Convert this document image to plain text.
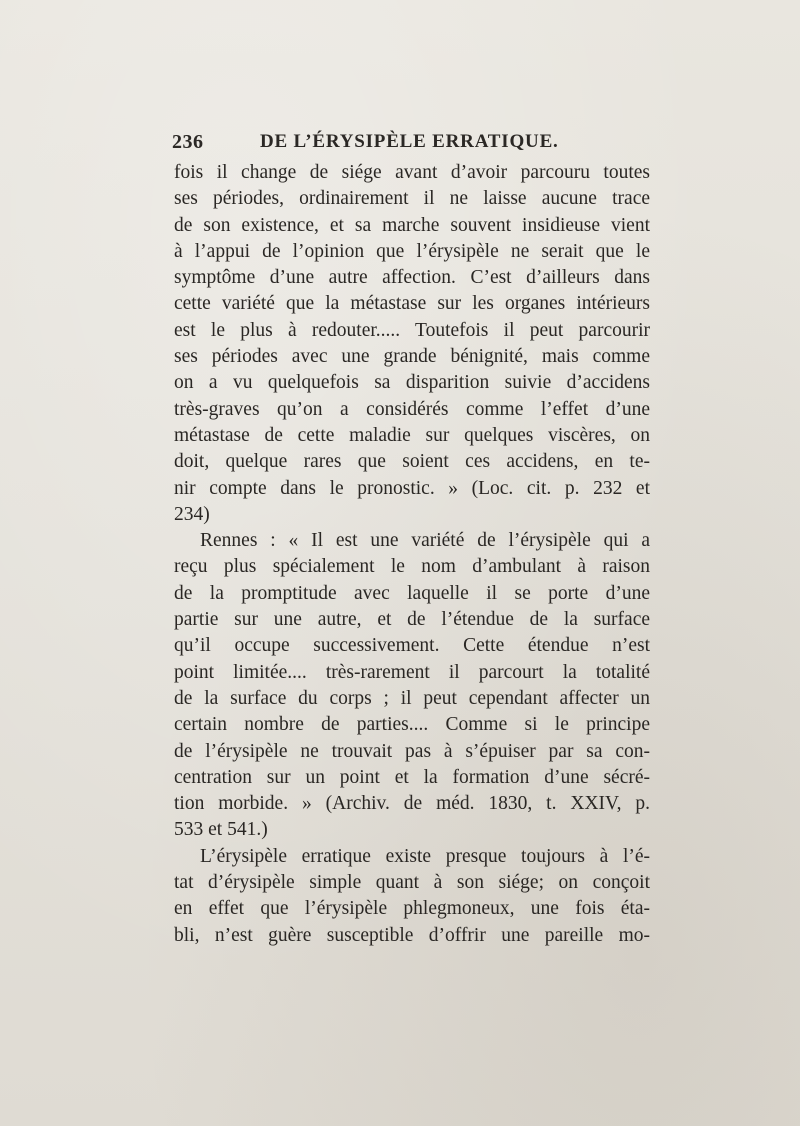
236	DE L’ÉRYSIPÈLE ERRATIQUE.
fois il change de siége avant d’avoir parcouru toutes
ses périodes, ordinairement il ne laisse aucune trace
de son existence, et sa marche souvent insidieuse vient
à l’appui de l’opinion que l’érysipèle ne serait que le
symptôme d’une autre affection. C’est d’ailleurs dans
cette variété que la métastase sur les organes intérieurs
est le plus à redouter..... Toutefois il peut parcourir
ses périodes avec une grande bénignité, mais comme
on a vu quelquefois sa disparition suivie d’accidens
très-graves qu’on a considérés comme l’effet d’une
métastase de cette maladie sur quelques viscères, on
doit, quelque rares que soient ces accidens, en te-
nir compte dans le pronostic. » (Loc. cit. p. 232 et
234)
Rennes : « Il est une variété de l’érysipèle qui a
reçu plus spécialement le nom d’ambulant à raison
de la promptitude avec laquelle il se porte d’une
partie sur une autre, et de l’étendue de la surface
qu’il occupe successivement. Cette étendue n’est
point limitée.... très-rarement il parcourt la totalité
de la surface du corps ; il peut cependant affecter un
certain nombre de parties.... Comme si le principe
de l’érysipèle ne trouvait pas à s’épuiser par sa con-
centration sur un point et la formation d’une sécré-
tion morbide. » (Archiv. de méd. 1830, t. XXIV, p.
533 et 541.)
L’érysipèle erratique existe presque toujours à l’é-
tat d’érysipèle simple quant à son siége; on conçoit
en effet que l’érysipèle phlegmoneux, une fois éta-
bli, n’est guère susceptible d’offrir une pareille mo-
